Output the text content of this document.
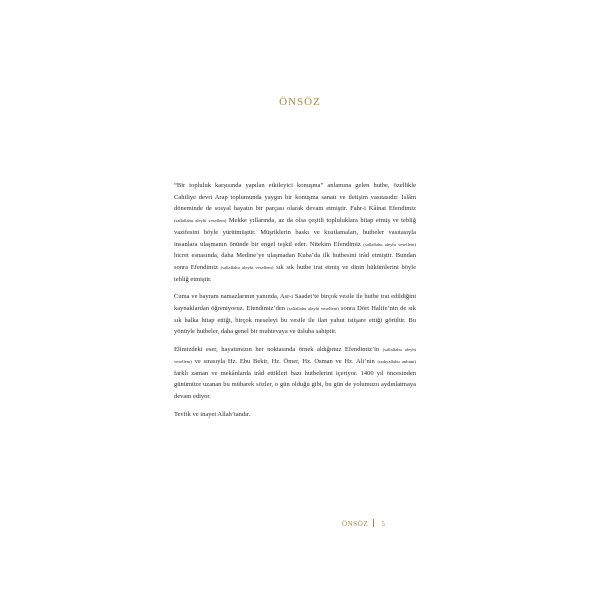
ÖNSÖZ

“Bir topluluk karşısında yapılan etkileyici konuşma” anlamına gelen hutbe, özellikle Cahiliye devri Arap toplumunda yaygın bir konuşma sanatı ve iletişim vasıtasıdır. İslâm döneminde de sosyal hayatın bir parçası olarak devam etmiştir. Fahr-i Kâinat Efendimiz (sallallahu aleyhi vesellem) Mekke yıllarında, az da olsa çeşitli topluluklara hitap etmiş ve tebliğ vazifesini böyle yürütmüştür. Müşriklerin baskı ve kısıtlamaları, hutbeler vasıtasıyla insanlara ulaşmanın önünde bir engel teşkil eder. Nitekim Efendimiz (sallallahu aleyhi vesellem) hicret esnasında, daha Medine’ye ulaşmadan Kuba’da ilk hutbesini irâd etmiştir. Bundan sonra Efendimiz (sallallahu aleyhi vesellem) sık sık hutbe irat etmiş ve dinin hükümlerini böyle tebliğ etmiştir.

Cuma ve bayram namazlarının yanında, Asr-ı Saadet’te birçok vesile ile hutbe irat edildiğini kaynaklardan öğreniyoruz. Efendimiz’den (sallallahu aleyhi vesellem) sonra Dört Halife’nin de sık sık halka hitap ettiği, birçok meseleyi bu vesile ile ilan yahut istişare ettiği görülür. Bu yönüyle hutbeler, daha genel bir muhtevaya ve üsluba sahiptir.

Elimizdeki eser, hayatımızın her noktasında örnek aldığımız Efendimiz’in (sallallahu aleyhi vesellem) ve sırasıyla Hz. Ebu Bekir, Hz. Ömer, Hz. Osman ve Hz. Ali’nin (radıyallahu anhüm) farklı zaman ve mekânlarda irâd ettikleri bazı hutbelerini içeriyor. 1400 yıl öncesinden günümüze uzanan bu mübarek sözler, o gün olduğu gibi, bu gün de yolumuzu aydınlatmaya devam ediyor.

Tevfik ve inayet Allah’tandır.

ÖNSÖZ 5
